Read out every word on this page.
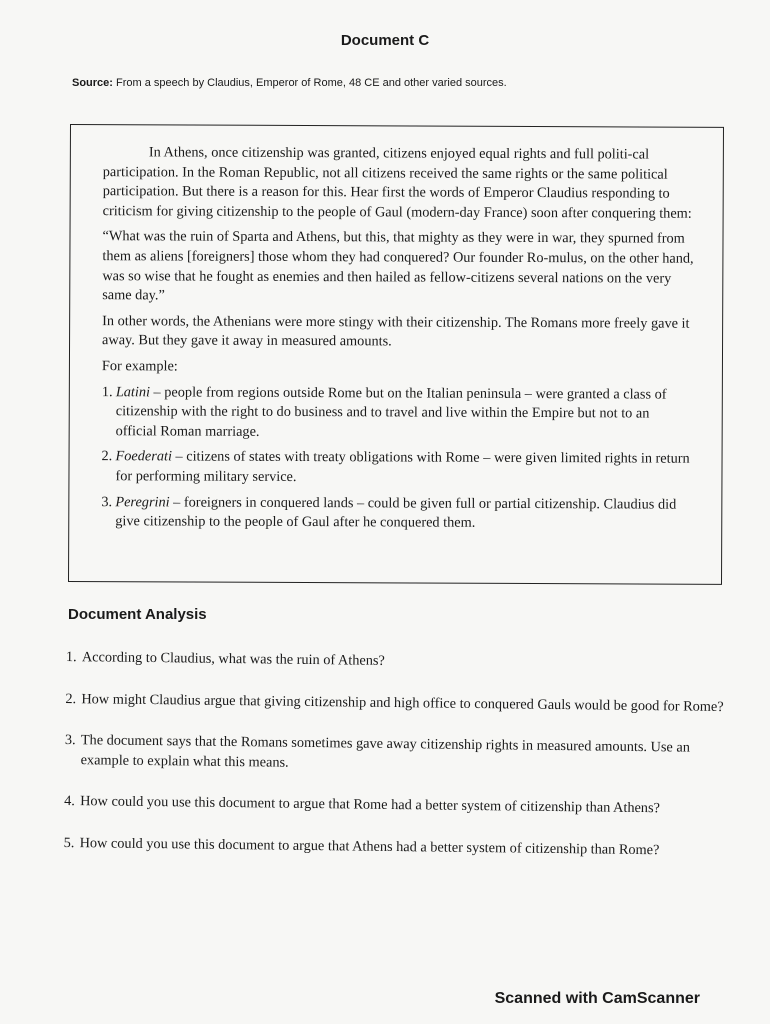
Document C
Source: From a speech by Claudius, Emperor of Rome, 48 CE and other varied sources.

In Athens, once citizenship was granted, citizens enjoyed equal rights and full politi-cal participation. In the Roman Republic, not all citizens received the same rights or the same political participation. But there is a reason for this. Hear first the words of Emperor Claudius responding to criticism for giving citizenship to the people of Gaul (modern-day France) soon after conquering them:

“What was the ruin of Sparta and Athens, but this, that mighty as they were in war, they spurned from them as aliens [foreigners] those whom they had conquered? Our founder Ro-mulus, on the other hand, was so wise that he fought as enemies and then hailed as fellow-citizens several nations on the very same day.”

In other words, the Athenians were more stingy with their citizenship. The Romans more freely gave it away. But they gave it away in measured amounts.

For example:

1. Latini – people from regions outside Rome but on the Italian peninsula – were granted a class of citizenship with the right to do business and to travel and live within the Empire but not to an official Roman marriage.
2. Foederati – citizens of states with treaty obligations with Rome – were given limited rights in return for performing military service.
3. Peregrini – foreigners in conquered lands – could be given full or partial citizenship. Claudius did give citizenship to the people of Gaul after he conquered them.
Document Analysis
1. According to Claudius, what was the ruin of Athens?
2. How might Claudius argue that giving citizenship and high office to conquered Gauls would be good for Rome?
3. The document says that the Romans sometimes gave away citizenship rights in measured amounts. Use an example to explain what this means.
4. How could you use this document to argue that Rome had a better system of citizenship than Athens?
5. How could you use this document to argue that Athens had a better system of citizenship than Rome?
Scanned with CamScanner
